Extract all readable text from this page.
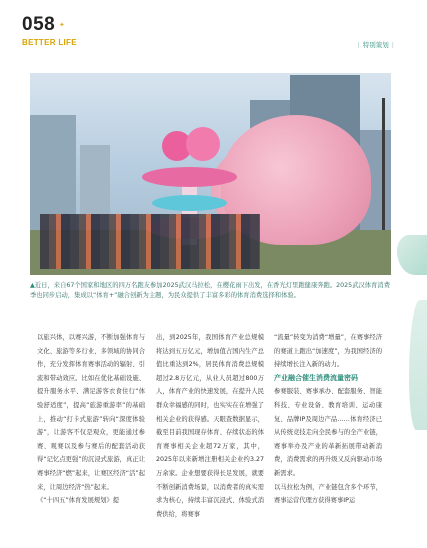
058 ✦
BETTER LIFE	| 特别策划 |
▲近日，来自67个国家和地区的四万名跑友参加2025武汉马拉松，在樱花雨下出发，在香光灯里跑健康奔跑。2025武汉体育消费季也同步启动，集成以“体育+”融合创新为主题，为民众提供了丰富多彩的体育消费选择和体验。
以旅兴体，以赛兴游，不断加强体育与文化、旅游等多行业、多领域的协同合作，充分发挥体育赛事活动的辐射、引流和带动效应。比如在优化基础设施、提升服务水平、满足游客衣食住行“体验舒适度”，提高“旅游重游率”的基础上，推动“打卡式旅游”转向“深度体验游”，让游客不仅是观众，更能通过参赛、观赛以及参与赛后的配套活动获得“记忆点更强”的沉浸式旅游，真正让赛事经济“燃”起来，让赛区经济“活”起来，让周边经济“热”起来。
《“十四五”体育发展规划》提
出，到2025年，我国体育产业总规模将达到五万亿元，增加值占国内生产总值比重达到2%，居民体育消费总规模超过2.8万亿元，从业人员超过800万人，体育产业的快速发展，在提升人民群众幸福感的同时，也实实在在增强了相关企业的获得感。天眼查数据显示，截至目前我国现存体育、存续状态的体育赛事相关企业超72万家，其中，2025年以来新增注册相关企业约3.27万余家。企业想要获得长足发展，就要不断创新消费场景，以消费者的真实需求为核心，持续丰富沉浸式、体验式消费供给，将赛事
“流量”转变为消费“增量”，在赛事经济的赛道上跑出“加速度”，为我国经济的持续增长注入新的动力。
产业融合催生消费流量密码
参赛服装、赛事承办、配套服务、智能科技、专业设备、教育培训、运动康复、品牌IP及周边产品……体育经济已从传统竞技走向全民参与的全产业链，赛事举办及产业的革新拓展带动新消费，消费需求的再升级又反向驱动市场新需求。
以马拉松为例，产业链包含多个环节，赛事运营代理方获得赛事IP运
